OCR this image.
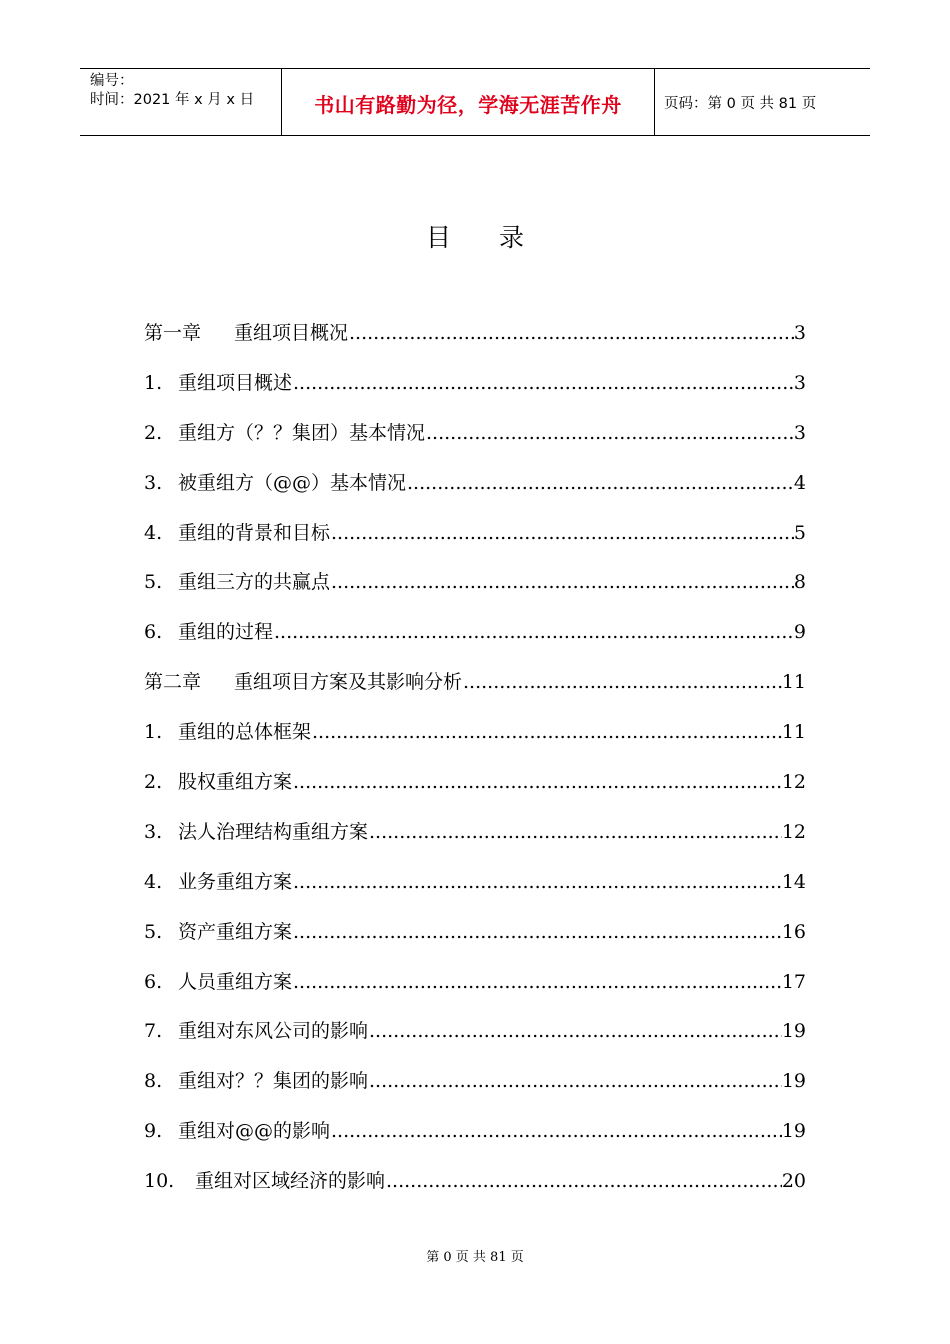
编号：
时间：2021 年 x 月 x 日	书山有路勤为径，学海无涯苦作舟	页码：第 0 页 共 81 页
目录
第一章 重组项目概况 .....	3
1. 重组项目概述 .....	3
2. 重组方（？？集团）基本情况 .....	3
3. 被重组方（@@）基本情况 .....	4
4. 重组的背景和目标 .....	5
5. 重组三方的共赢点 .....	8
6. 重组的过程 .....	9
第二章 重组项目方案及其影响分析 .....	11
1. 重组的总体框架 .....	11
2. 股权重组方案 .....	12
3. 法人治理结构重组方案 .....	12
4. 业务重组方案 .....	14
5. 资产重组方案 .....	16
6. 人员重组方案 .....	17
7. 重组对东风公司的影响 .....	19
8. 重组对？？集团的影响 .....	19
9. 重组对@@的影响 .....	19
10. 重组对区域经济的影响 .....	20
第 0 页 共 81 页
